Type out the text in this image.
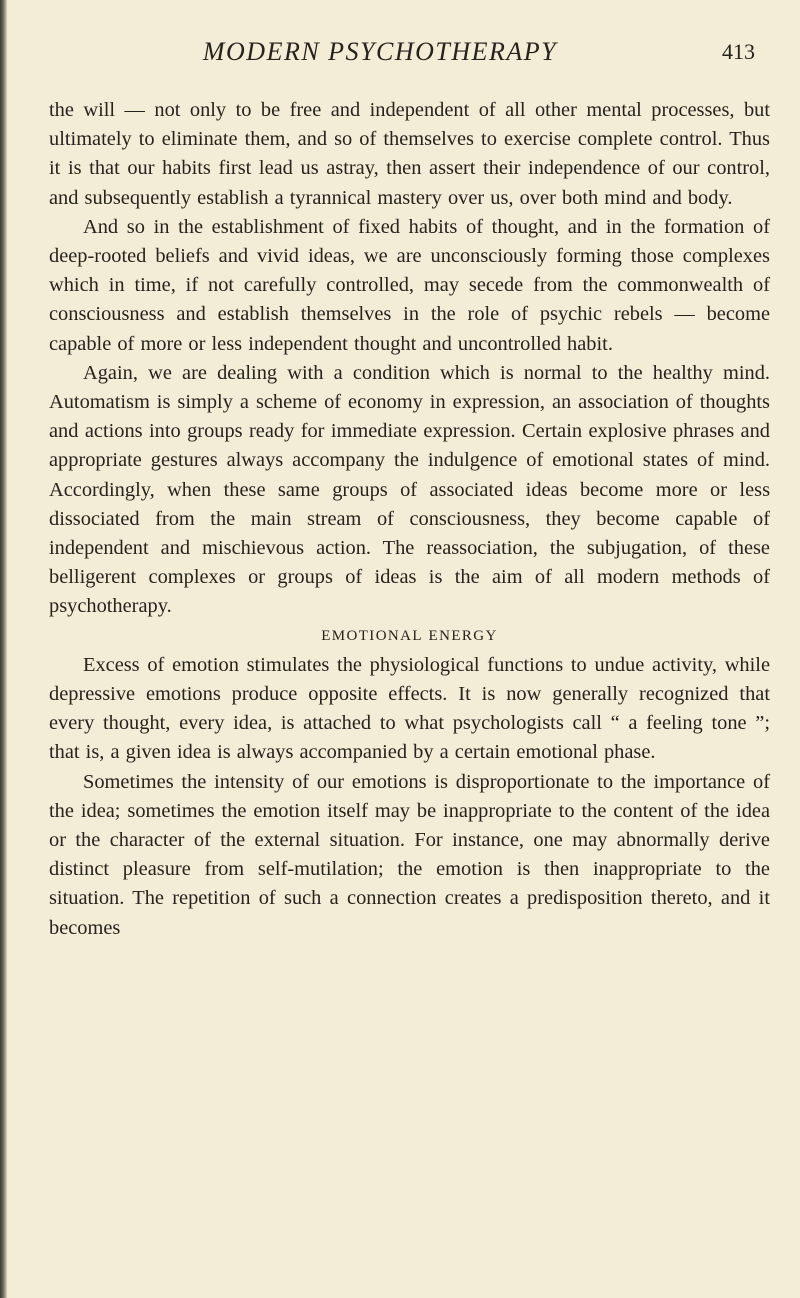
MODERN PSYCHOTHERAPY	413

the will — not only to be free and independent of all other mental processes, but ultimately to eliminate them, and so of themselves to exercise complete control. Thus it is that our habits first lead us astray, then assert their independence of our control, and subsequently establish a tyrannical mastery over us, over both mind and body.

And so in the establishment of fixed habits of thought, and in the formation of deep-rooted beliefs and vivid ideas, we are unconsciously forming those complexes which in time, if not carefully controlled, may secede from the commonwealth of consciousness and establish themselves in the role of psychic rebels — become capable of more or less independent thought and uncontrolled habit.

Again, we are dealing with a condition which is normal to the healthy mind. Automatism is simply a scheme of economy in expression, an association of thoughts and actions into groups ready for immediate expression. Certain explosive phrases and appropriate gestures always accompany the indulgence of emotional states of mind. Accordingly, when these same groups of associated ideas become more or less dissociated from the main stream of consciousness, they become capable of independent and mischievous action. The reassociation, the subjugation, of these belligerent complexes or groups of ideas is the aim of all modern methods of psychotherapy.

EMOTIONAL ENERGY

Excess of emotion stimulates the physiological functions to undue activity, while depressive emotions produce opposite effects. It is now generally recognized that every thought, every idea, is attached to what psychologists call “ a feeling tone ”; that is, a given idea is always accompanied by a certain emotional phase.

Sometimes the intensity of our emotions is disproportionate to the importance of the idea; sometimes the emotion itself may be inappropriate to the content of the idea or the character of the external situation. For instance, one may abnormally derive distinct pleasure from self-mutilation; the emotion is then inappropriate to the situation. The repetition of such a connection creates a predisposition thereto, and it becomes
